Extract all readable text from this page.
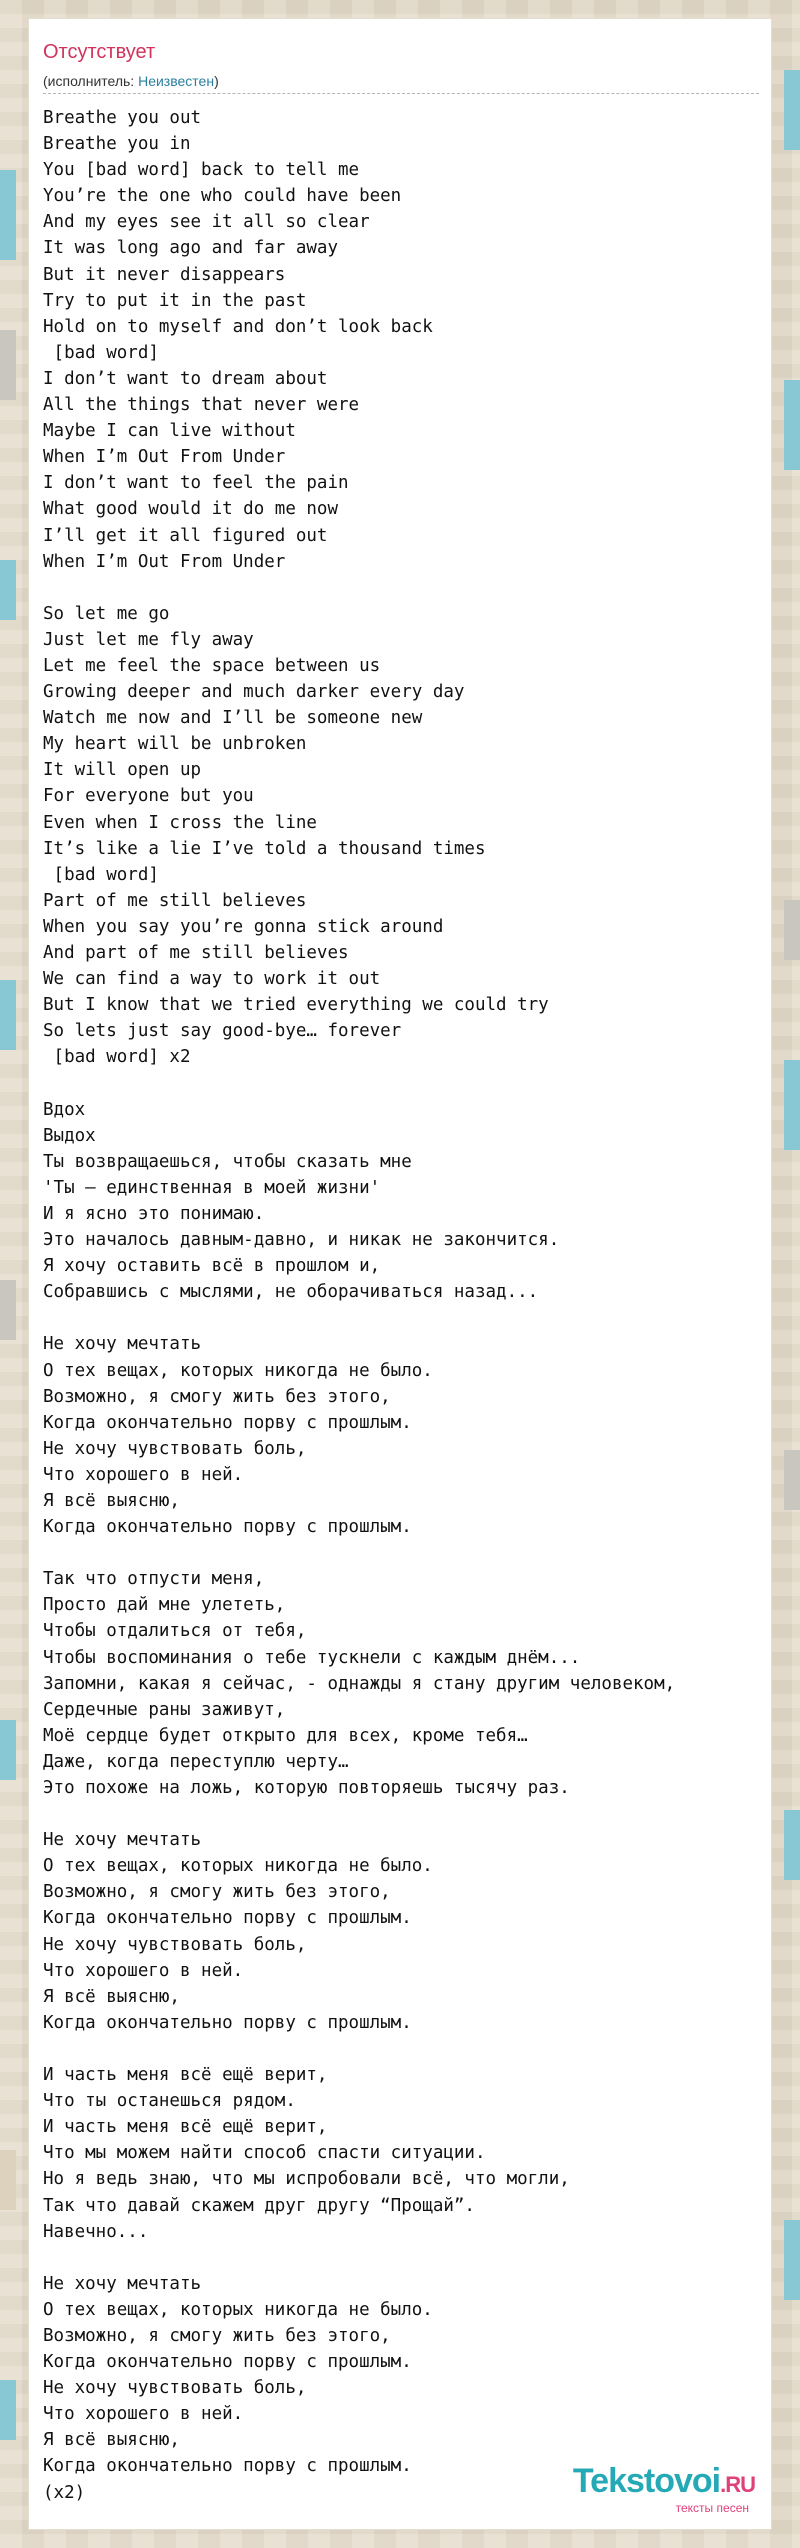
Отсутствует
(исполнитель: Неизвестен)
Breathe you out
Breathe you in
You [bad word] back to tell me
You’re the one who could have been
And my eyes see it all so clear
It was long ago and far away
But it never disappears
Try to put it in the past
Hold on to myself and don’t look back
[bad word]
I don’t want to dream about
All the things that never were
Maybe I can live without
When I’m Out From Under
I don’t want to feel the pain
What good would it do me now
I’ll get it all figured out
When I’m Out From Under

So let me go
Just let me fly away
Let me feel the space between us
Growing deeper and much darker every day
Watch me now and I’ll be someone new
My heart will be unbroken
It will open up
For everyone but you
Even when I cross the line
It’s like a lie I’ve told a thousand times
[bad word]
Part of me still believes
When you say you’re gonna stick around
And part of me still believes
We can find a way to work it out
But I know that we tried everything we could try
So lets just say good-bye… forever
[bad word] x2

Вдох
Выдох
Ты возвращаешься, чтобы сказать мне
'Ты – единственная в моей жизни'
И я ясно это понимаю.
Это началось давным-давно, и никак не закончится.
Я хочу оставить всё в прошлом и,
Собравшись с мыслями, не оборачиваться назад...

Не хочу мечтать
О тех вещах, которых никогда не было.
Возможно, я смогу жить без этого,
Когда окончательно порву с прошлым.
Не хочу чувствовать боль,
Что хорошего в ней.
Я всё выясню,
Когда окончательно порву с прошлым.

Так что отпусти меня,
Просто дай мне улететь,
Чтобы отдалиться от тебя,
Чтобы воспоминания о тебе тускнели с каждым днём...
Запомни, какая я сейчас, - однажды я стану другим человеком,
Сердечные раны заживут,
Моё сердце будет открыто для всех, кроме тебя…
Даже, когда переступлю черту…
Это похоже на ложь, которую повторяешь тысячу раз.

Не хочу мечтать
О тех вещах, которых никогда не было.
Возможно, я смогу жить без этого,
Когда окончательно порву с прошлым.
Не хочу чувствовать боль,
Что хорошего в ней.
Я всё выясню,
Когда окончательно порву с прошлым.

И часть меня всё ещё верит,
Что ты останешься рядом.
И часть меня всё ещё верит,
Что мы можем найти способ спасти ситуации.
Но я ведь знаю, что мы испробовали всё, что могли,
Так что давай скажем друг другу “Прощай”.
Навечно...

Не хочу мечтать
О тех вещах, которых никогда не было.
Возможно, я смогу жить без этого,
Когда окончательно порву с прошлым.
Не хочу чувствовать боль,
Что хорошего в ней.
Я всё выясню,
Когда окончательно порву с прошлым.
(x2)	Tekstovoi.RU
тексты песен
